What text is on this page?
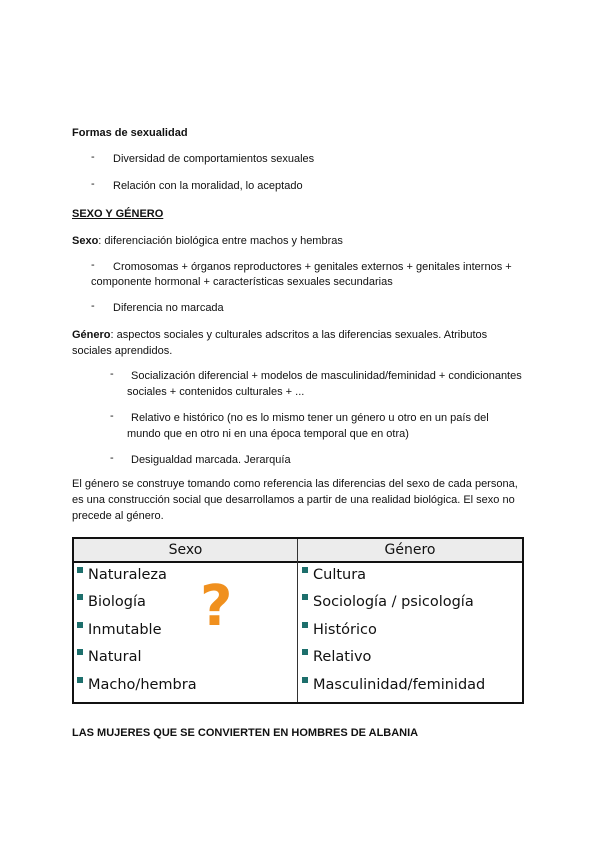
Formas de sexualidad
- Diversidad de comportamientos sexuales
- Relación con la moralidad, lo aceptado
SEXO Y GÉNERO
Sexo: diferenciación biológica entre machos y hembras
- Cromosomas + órganos reproductores + genitales externos + genitales internos +
componente hormonal + características sexuales secundarias
- Diferencia no marcada
Género: aspectos sociales y culturales adscritos a las diferencias sexuales. Atributos
sociales aprendidos.
- Socialización diferencial + modelos de masculinidad/feminidad + condicionantes
sociales + contenidos culturales + ...
- Relativo e histórico (no es lo mismo tener un género u otro en un país del
mundo que en otro ni en una época temporal que en otra)
- Desigualdad marcada. Jerarquía
El género se construye tomando como referencia las diferencias del sexo de cada persona,
es una construcción social que desarrollamos a partir de una realidad biológica. El sexo no
precede al género.
Sexo	Género
Naturaleza
Biología
Inmutable
Natural
Macho/hembra
Cultura
Sociología / psicología
Histórico
Relativo
Masculinidad/feminidad
?
LAS MUJERES QUE SE CONVIERTEN EN HOMBRES DE ALBANIA
